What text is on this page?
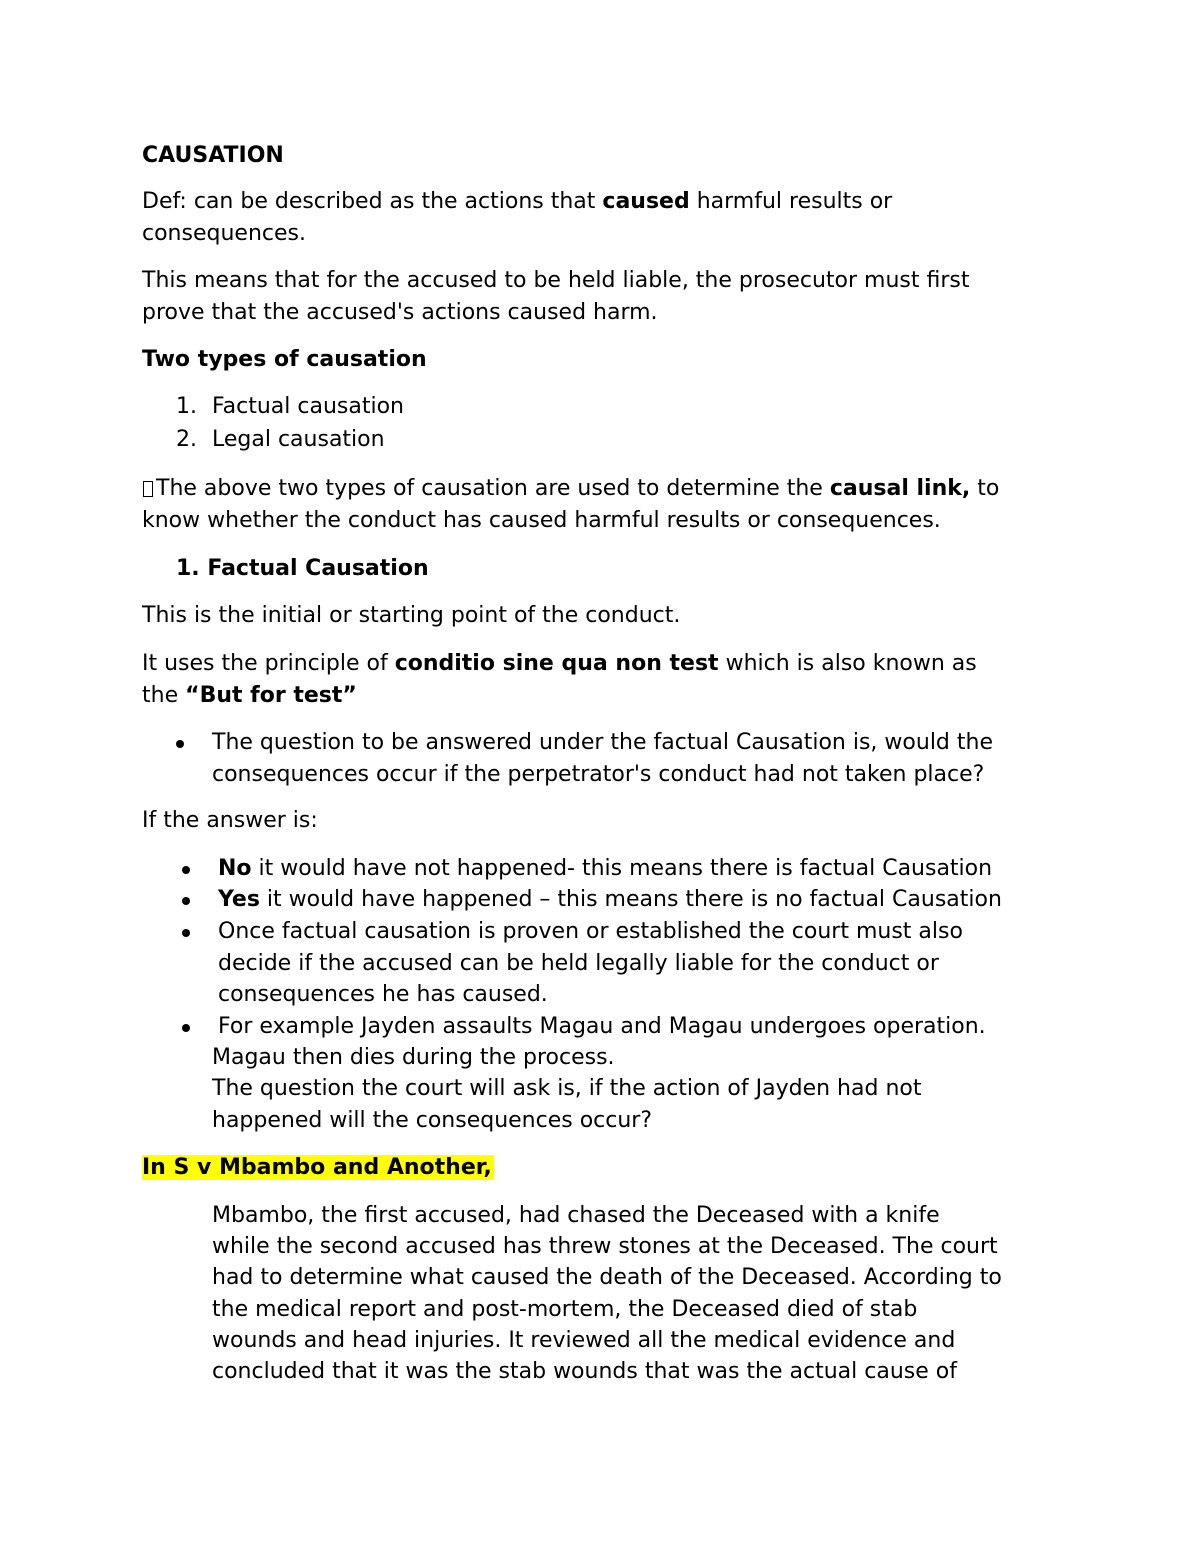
CAUSATION
Def: can be described as the actions that caused harmful results or
consequences.
This means that for the accused to be held liable, the prosecutor must first
prove that the accused's actions caused harm.
Two types of causation
1. Factual causation
2. Legal causation
The above two types of causation are used to determine the causal link, to
know whether the conduct has caused harmful results or consequences.
1. Factual Causation
This is the initial or starting point of the conduct.
It uses the principle of conditio sine qua non test which is also known as
the “But for test”
The question to be answered under the factual Causation is, would the
consequences occur if the perpetrator's conduct had not taken place?
If the answer is:
No it would have not happened- this means there is factual Causation
Yes it would have happened – this means there is no factual Causation
Once factual causation is proven or established the court must also
decide if the accused can be held legally liable for the conduct or
consequences he has caused.
For example Jayden assaults Magau and Magau undergoes operation.
Magau then dies during the process.
The question the court will ask is, if the action of Jayden had not
happened will the consequences occur?
In S v Mbambo and Another,
Mbambo, the first accused, had chased the Deceased with a knife
while the second accused has threw stones at the Deceased. The court
had to determine what caused the death of the Deceased. According to
the medical report and post-mortem, the Deceased died of stab
wounds and head injuries. It reviewed all the medical evidence and
concluded that it was the stab wounds that was the actual cause of
